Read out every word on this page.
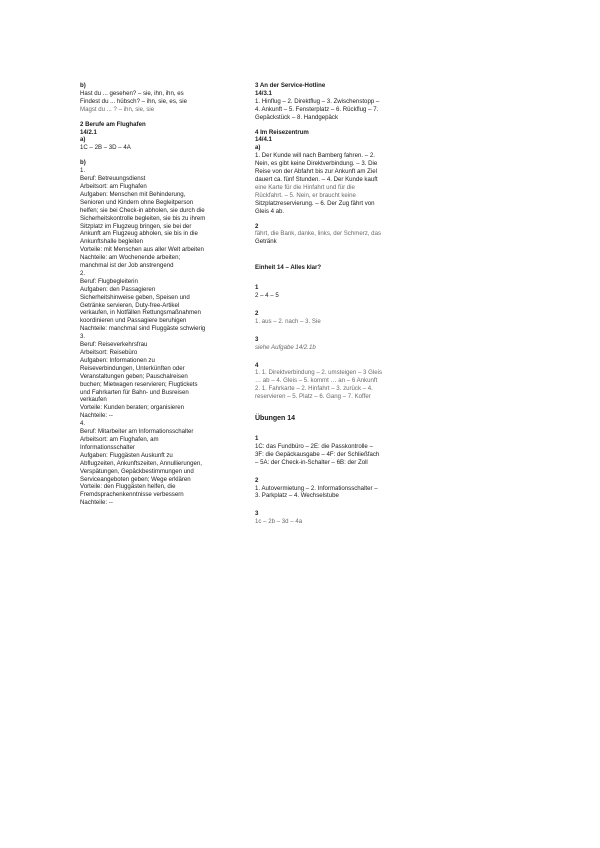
b)
Hast du ... gesehen? – sie, ihn, ihn, es
Findest du ... hübsch? – ihn, sie, es, sie
Magst du ... ? – ihn, sie, sie
2 Berufe am Flughafen
14/2.1
a)
1C – 2B – 3D – 4A
b)
1.
Beruf: Betreuungsdienst
Arbeitsort: am Flughafen
Aufgaben: Menschen mit Behinderung,
Senioren und Kindern ohne Begleitperson
helfen; sie bei Check-in abholen, sie durch die
Sicherheitskontrolle begleiten, sie bis zu ihrem
Sitzplatz im Flugzeug bringen, sie bei der
Ankunft am Flugzeug abholen, sie bis in die
Ankunftshalle begleiten
Vorteile: mit Menschen aus aller Welt arbeiten
Nachteile: am Wochenende arbeiten;
manchmal ist der Job anstrengend
2.
Beruf: Flugbegleiterin
Aufgaben: den Passagieren
Sicherheitshinweise geben, Speisen und
Getränke servieren, Duty-free-Artikel
verkaufen, in Notfällen Rettungsmaßnahmen
koordinieren und Passagiere beruhigen
Nachteile: manchmal sind Fluggäste schwierig
3.
Beruf: Reiseverkehrsfrau
Arbeitsort: Reisebüro
Aufgaben: Informationen zu
Reiseverbindungen, Unterkünften oder
Veranstaltungen geben; Pauschalreisen
buchen; Mietwagen reservieren; Flugtickets
und Fahrkarten für Bahn- und Busreisen
verkaufen
Vorteile: Kunden beraten; organisieren
Nachteile: --
4.
Beruf: Mitarbeiter am Informationsschalter
Arbeitsort: am Flughafen, am
Informationsschalter
Aufgaben: Fluggästen Auskunft zu
Abflugzeiten, Ankunftszeiten, Annullierungen,
Verspätungen, Gepäckbestimmungen und
Serviceangeboten geben; Wege erklären
Vorteile: den Fluggästen helfen, die
Fremdsprachenkenntnisse verbessern
Nachteile: --
3 An der Service-Hotline
14/3.1
1. Hinflug – 2. Direktflug – 3. Zwischenstopp –
4. Ankunft – 5. Fensterplatz – 6. Rückflug – 7.
Gepäckstück – 8. Handgepäck
4 Im Reisezentrum
14/4.1
a)
1. Der Kunde will nach Bamberg fahren. – 2.
Nein, es gibt keine Direktverbindung. – 3. Die
Reise von der Abfahrt bis zur Ankunft am Ziel
dauert ca. fünf Stunden. – 4. Der Kunde kauft
eine Karte für die Hinfahrt und für die
Rückfahrt. – 5. Nein, er braucht keine
Sitzplatzreservierung. – 6. Der Zug fährt von
Gleis 4 ab.
2
fährt, die Bank, danke, links, der Schmerz, das
Getränk
Einheit 14 – Alles klar?
1
2 – 4 – 5
2
1. aus – 2. nach – 3. Sie
3
siehe Aufgabe 14/2.1b
4
1. 1. Direktverbindung – 2. umsteigen – 3 Gleis
… ab – 4. Gleis – 5. kommt … an – 6 Ankunft
2. 1. Fahrkarte – 2. Hinfahrt – 3. zurück – 4.
reservieren – 5. Platz – 6. Gang – 7. Koffer
Übungen 14
1
1C: das Fundbüro – 2E: die Passkontrolle –
3F: die Gepäckausgabe – 4F: der Schließfach
– 5A: der Check-in-Schalter – 6B: der Zoll
2
1. Autovermietung – 2. Informationsschalter –
3. Parkplatz – 4. Wechselstube
3
1c – 2b – 3d – 4a
